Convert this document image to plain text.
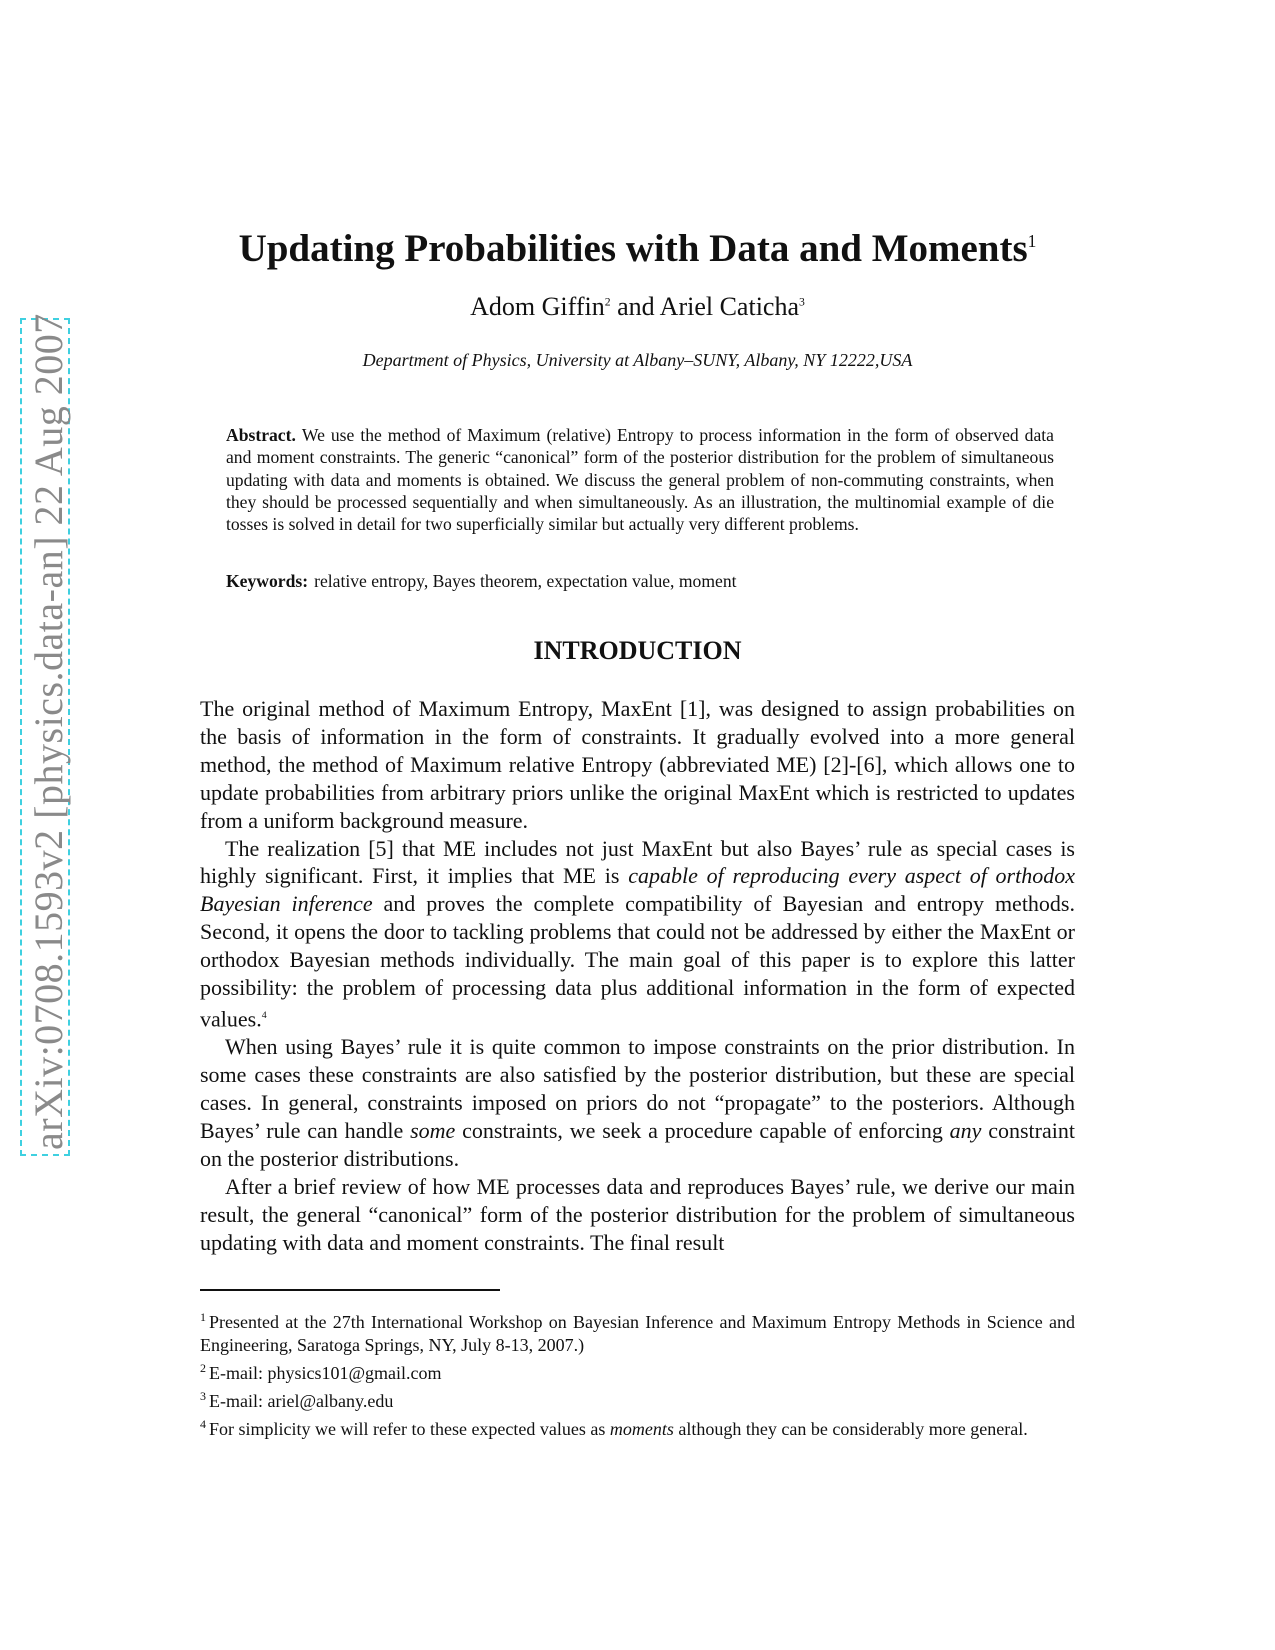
arXiv:0708.1593v2 [physics.data-an] 22 Aug 2007
Updating Probabilities with Data and Moments$^1$
Adom Giffin$^2$ and Ariel Caticha$^3$
Department of Physics, University at Albany–SUNY, Albany, NY 12222,USA
Abstract. We use the method of Maximum (relative) Entropy to process information in the form of observed data and moment constraints. The generic “canonical” form of the posterior distribution for the problem of simultaneous updating with data and moments is obtained. We discuss the general problem of non-commuting constraints, when they should be processed sequentially and when simultaneously. As an illustration, the multinomial example of die tosses is solved in detail for two superficially similar but actually very different problems.
Keywords: relative entropy, Bayes theorem, expectation value, moment
INTRODUCTION

The original method of Maximum Entropy, MaxEnt [1], was designed to assign probabilities on the basis of information in the form of constraints. It gradually evolved into a more general method, the method of Maximum relative Entropy (abbreviated ME) [2]-[6], which allows one to update probabilities from arbitrary priors unlike the original MaxEnt which is restricted to updates from a uniform background measure.

The realization [5] that ME includes not just MaxEnt but also Bayes’ rule as special cases is highly significant. First, it implies that ME is capable of reproducing every aspect of orthodox Bayesian inference and proves the complete compatibility of Bayesian and entropy methods. Second, it opens the door to tackling problems that could not be addressed by either the MaxEnt or orthodox Bayesian methods individually. The main goal of this paper is to explore this latter possibility: the problem of processing data plus additional information in the form of expected values.$^4$

When using Bayes’ rule it is quite common to impose constraints on the prior distribution. In some cases these constraints are also satisfied by the posterior distribution, but these are special cases. In general, constraints imposed on priors do not “propagate” to the posteriors. Although Bayes’ rule can handle some constraints, we seek a procedure capable of enforcing any constraint on the posterior distributions.

After a brief review of how ME processes data and reproduces Bayes’ rule, we derive our main result, the general “canonical” form of the posterior distribution for the problem of simultaneous updating with data and moment constraints. The final result

$^1$ Presented at the 27th International Workshop on Bayesian Inference and Maximum Entropy Methods in Science and Engineering, Saratoga Springs, NY, July 8-13, 2007.)

$^2$ E-mail: physics101@gmail.com

$^3$ E-mail: ariel@albany.edu

$^4$ For simplicity we will refer to these expected values as moments although they can be considerably more general.
